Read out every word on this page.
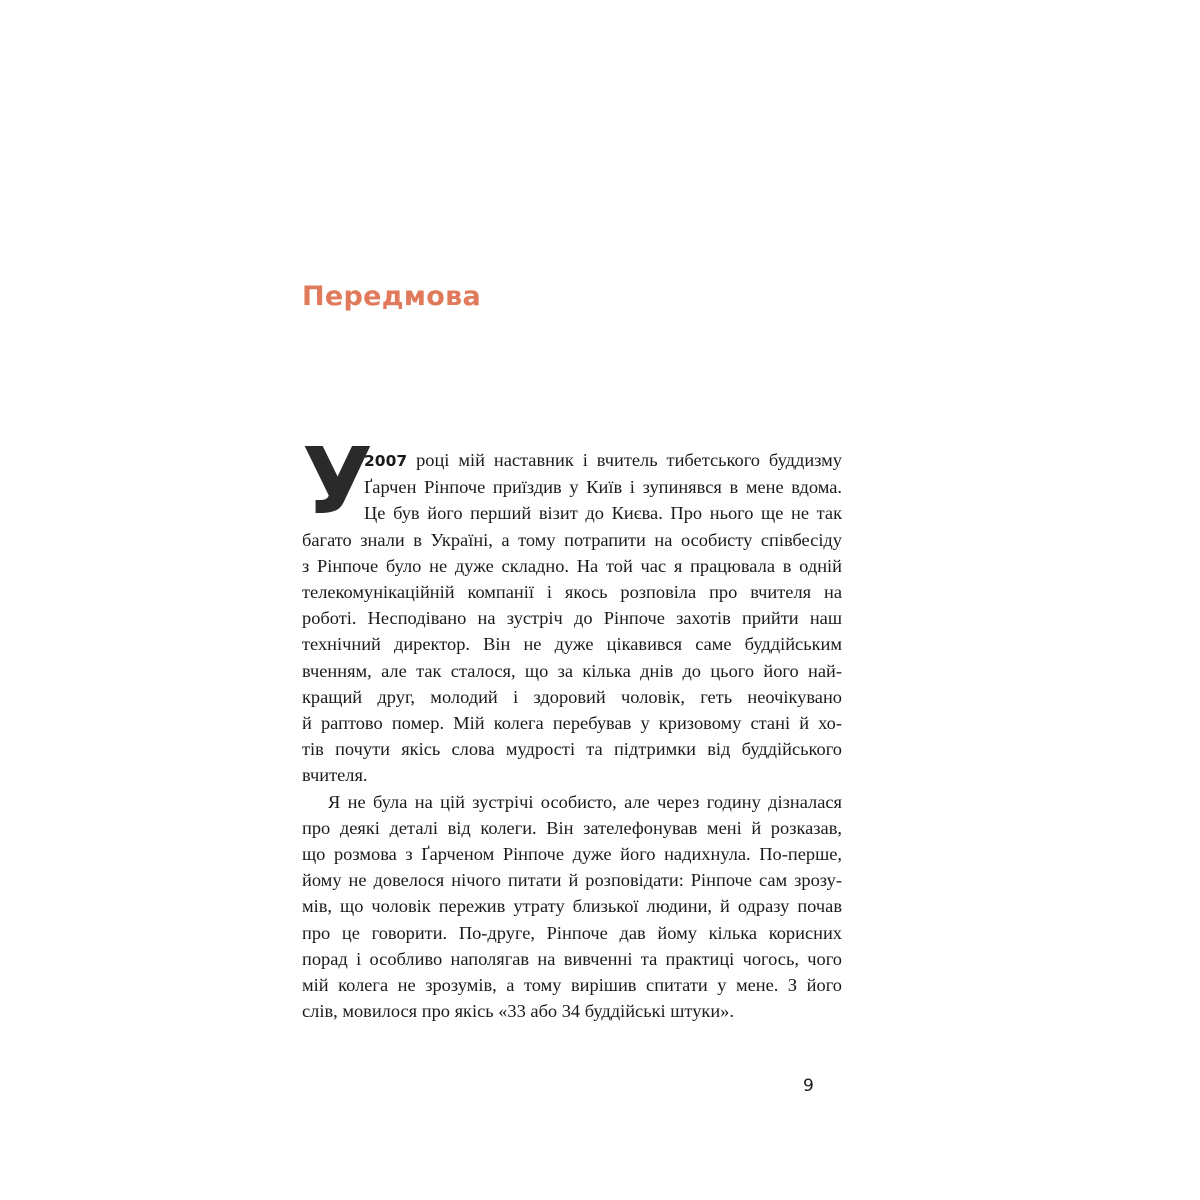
Передмова
У
2007 році мій наставник і вчитель тибетського буддизму
Ґарчен Рінпоче приїздив у Київ і зупинявся в мене вдома.
Це був його перший візит до Києва. Про нього ще не так
багато знали в Україні, а тому потрапити на особисту співбесіду
з Рінпоче було не дуже складно. На той час я працювала в одній
телекомунікаційній компанії і якось розповіла про вчителя на
роботі. Несподівано на зустріч до Рінпоче захотів прийти наш
технічний директор. Він не дуже цікавився саме буддійським
вченням, але так сталося, що за кілька днів до цього його най-
кращий друг, молодий і здоровий чоловік, геть неочікувано
й раптово помер. Мій колега перебував у кризовому стані й хо-
тів почути якісь слова мудрості та підтримки від буддійського
вчителя.
Я не була на цій зустрічі особисто, але через годину дізналася
про деякі деталі від колеги. Він зателефонував мені й розказав,
що розмова з Ґарченом Рінпоче дуже його надихнула. По-перше,
йому не довелося нічого питати й розповідати: Рінпоче сам зрозу-
мів, що чоловік пережив утрату близької людини, й одразу почав
про це говорити. По-друге, Рінпоче дав йому кілька корисних
порад і особливо наполягав на вивченні та практиці чогось, чого
мій колега не зрозумів, а тому вирішив спитати у мене. З його
слів, мовилося про якісь «33 або 34 буддійські штуки».
9
